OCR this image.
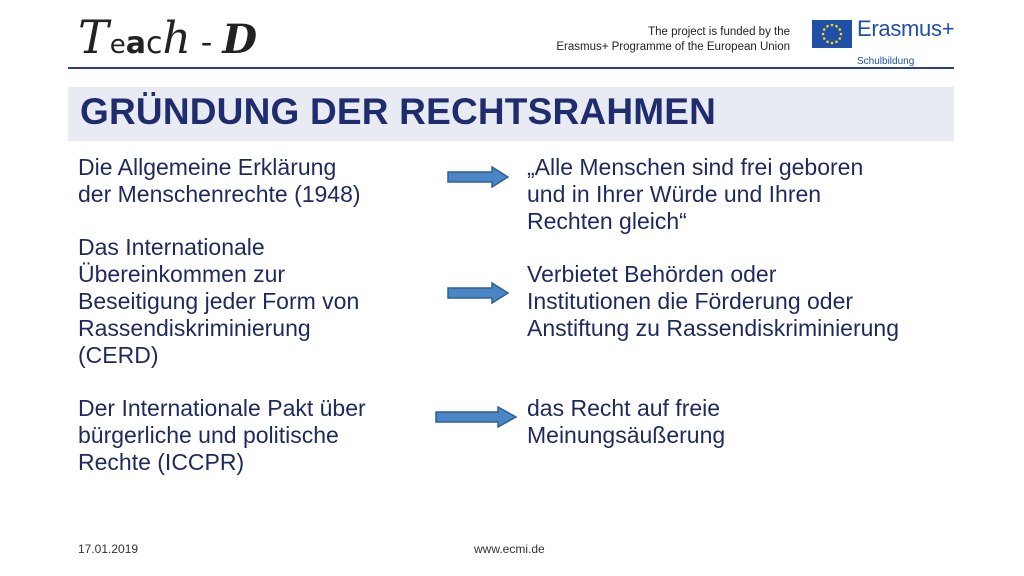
T e a c h - D	The project is funded by the
Erasmus+ Programme of the European Union
Erasmus+
Schulbildung
GRÜNDUNG DER RECHTSRAHMEN
Die Allgemeine Erklärung
der Menschenrechte (1948)
„Alle Menschen sind frei geboren
und in Ihrer Würde und Ihren
Rechten gleich“
Das Internationale
Übereinkommen zur
Beseitigung jeder Form von
Rassendiskriminierung
(CERD)
Verbietet Behörden oder
Institutionen die Förderung oder
Anstiftung zu Rassendiskriminierung
Der Internationale Pakt über
bürgerliche und politische
Rechte (ICCPR)
das Recht auf freie
Meinungsäußerung
17.01.2019	www.ecmi.de
